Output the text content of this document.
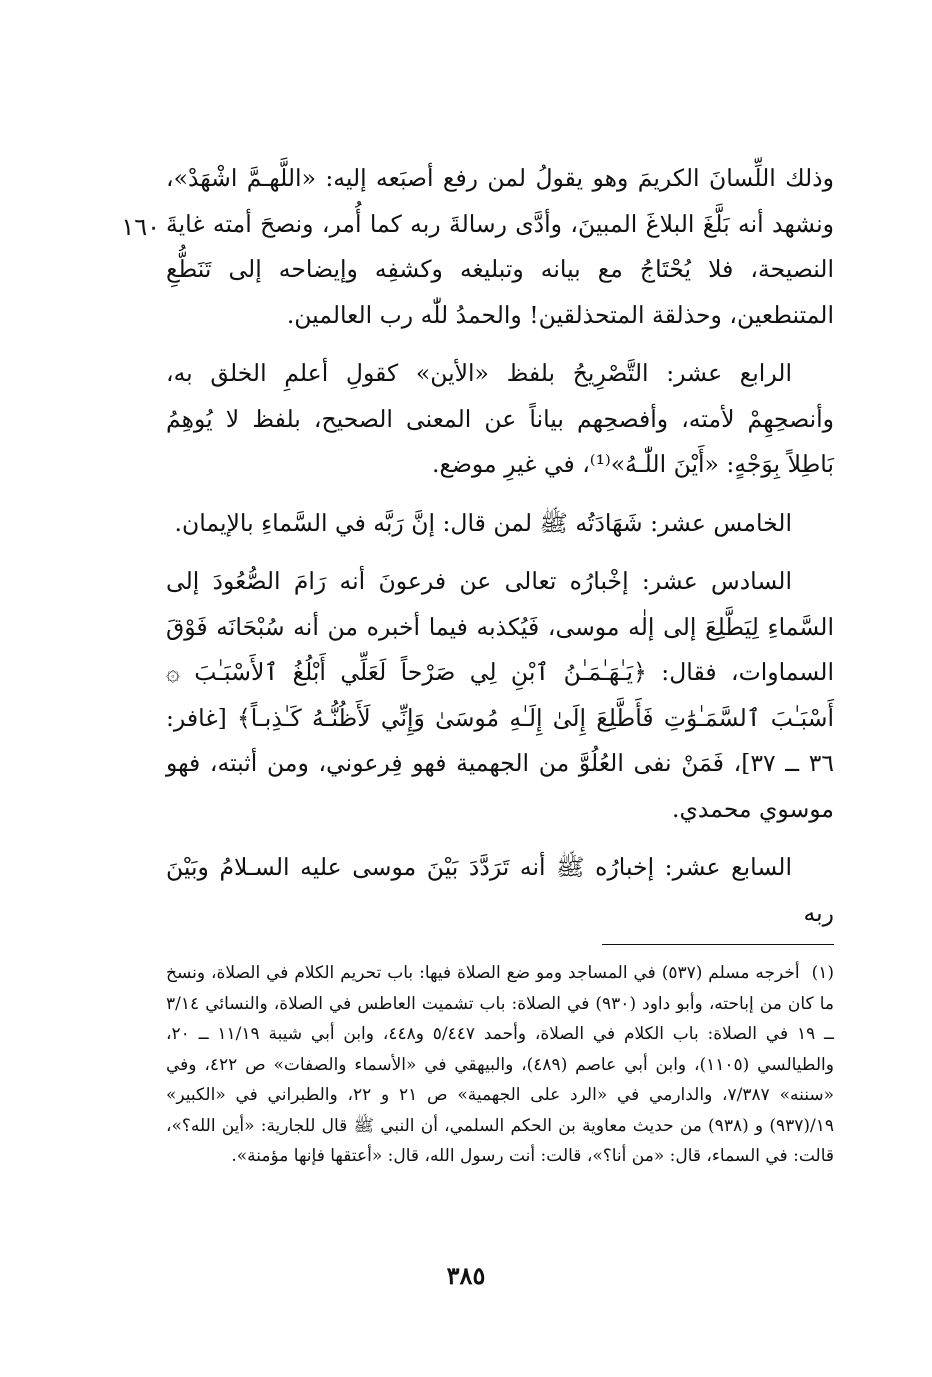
١٦٠

وذلك اللِّسانَ الكريمَ وهو يقولُ لمن رفع أصبَعه إليه: «اللَّهـمَّ اشْهَدْ»، ونشهد أنه بَلَّغَ البلاغَ المبينَ، وأدَّى رسالةَ ربه كما أُمر، ونصحَ أمته غايةَ النصيحة، فلا يُحْتَاجُ مع بيانه وتبليغه وكشفِه وإيضاحه إلى تَنَطُّعِ المتنطعين، وحذلقة المتحذلقين! والحمدُ للّٰه رب العالمين.

الرابع عشر: التَّصْرِيحُ بلفظ «الأين» كقولِ أعلمِ الخلق به، وأنصحِهِمْ لأمته، وأفصحِهم بياناً عن المعنى الصحيح، بلفظ لا يُوهِمُ بَاطِلاً بِوَجْهٍ: «أَيْنَ اللّٰـهُ»⁽¹⁾، في غيرِ موضع.

الخامس عشر: شَهَادَتُه ﷺ لمن قال: إنَّ رَبَّه في السَّماءِ بالإيمان.

السادس عشر: إخْبارُه تعالى عن فرعونَ أنه رَامَ الصُّعُودَ إلى السَّماءِ لِيَطَّلِعَ إلى إلٰه موسى، فَيُكذبه فيما أخبره من أنه سُبْحَانَه فَوْقَ السماوات، فقال: ﴿يَـٰهَـٰمَـٰنُ ٱبْنِ لِي صَرْحاً لَعَلِّي أَبْلُغُ ٱلأَسْبَـٰبَ ۞ أَسْبَـٰبَ ٱلسَّمَـٰوَٰتِ فَأَطَّلِعَ إِلَىٰ إِلَـٰهِ مُوسَىٰ وَإِنِّي لَأَظُنُّـهُ كَـٰذِبـاً﴾ [غافر: ٣٦ ــ ٣٧]، فَمَنْ نفى العُلُوَّ من الجهمية فهو فِرعوني، ومن أثبته، فهو موسوي محمدي.

السابع عشر: إخبارُه ﷺ أنه تَرَدَّدَ بَيْنَ موسى عليه السـلامُ وبَيْنَ ربه

(١) أخرجه مسلم (٥٣٧) في المساجد ومو ضع الصلاة فيها: باب تحريم الكلام في الصلاة، ونسخ ما كان من إباحته، وأبو داود (٩٣٠) في الصلاة: باب تشميت العاطس في الصلاة، والنسائي ٣/١٤ ــ ١٩ في الصلاة: باب الكلام في الصلاة، وأحمد ٥/٤٤٧ و٤٤٨، وابن أبي شيبة ١١/١٩ ــ ٢٠، والطيالسي (١١٠٥)، وابن أبي عاصم (٤٨٩)، والبيهقي في «الأسماء والصفات» ص ٤٢٢، وفي «سننه» ٧/٣٨٧، والدارمي في «الرد على الجهمية» ص ٢١ و ٢٢، والطبراني في «الكبير» ١٩/(٩٣٧) و (٩٣٨) من حديث معاوية بن الحكم السلمي، أن النبي ﷺ قال للجارية: «أين الله؟»، قالت: في السماء، قال: «من أنا؟»، قالت: أنت رسول الله، قال: «أعتقها فإنها مؤمنة».

٣٨٥
